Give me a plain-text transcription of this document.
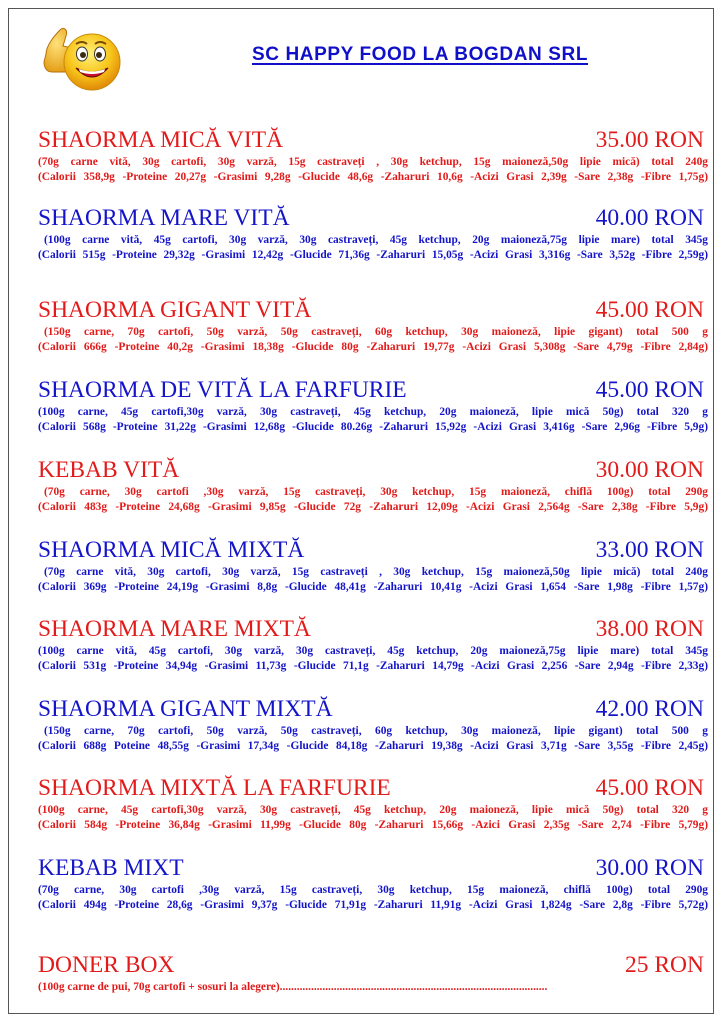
SC HAPPY FOOD LA BOGDAN SRL
SHAORMA MICĂ VITĂ	35.00 RON
(70g carne vită, 30g cartofi, 30g varză, 15g castraveți , 30g ketchup, 15g maioneză,50g lipie mică) total 240g
(Calorii 358,9g -Proteine 20,27g -Grasimi 9,28g -Glucide 48,6g -Zaharuri 10,6g -Acizi Grasi 2,39g -Sare 2,38g -Fibre 1,75g)
SHAORMA MARE VITĂ	40.00 RON
(100g carne vită, 45g cartofi, 30g varză, 30g castraveți, 45g ketchup, 20g maioneză,75g lipie mare) total 345g
(Calorii 515g -Proteine 29,32g -Grasimi 12,42g -Glucide 71,36g -Zaharuri 15,05g -Acizi Grasi 3,316g -Sare 3,52g -Fibre 2,59g)
SHAORMA GIGANT VITĂ	45.00 RON
(150g carne, 70g cartofi, 50g varză, 50g castraveți, 60g ketchup, 30g maioneză, lipie gigant) total 500 g
(Calorii 666g -Proteine 40,2g -Grasimi 18,38g -Glucide 80g -Zaharuri 19,77g -Acizi Grasi 5,308g -Sare 4,79g -Fibre 2,84g)
SHAORMA DE VITĂ LA FARFURIE	45.00 RON
(100g carne, 45g cartofi,30g varză, 30g castraveți, 45g ketchup, 20g maioneză, lipie mică 50g) total 320 g
(Calorii 568g -Proteine 31,22g -Grasimi 12,68g -Glucide 80.26g -Zaharuri 15,92g -Acizi Grasi 3,416g -Sare 2,96g -Fibre 5,9g)
KEBAB VITĂ	30.00 RON
(70g carne, 30g cartofi ,30g varză, 15g castraveți, 30g ketchup, 15g maioneză, chiflă 100g) total 290g
(Calorii 483g -Proteine 24,68g -Grasimi 9,85g -Glucide 72g -Zaharuri 12,09g -Acizi Grasi 2,564g -Sare 2,38g -Fibre 5,9g)
SHAORMA MICĂ MIXTĂ	33.00 RON
(70g carne vită, 30g cartofi, 30g varză, 15g castraveți , 30g ketchup, 15g maioneză,50g lipie mică) total 240g
(Calorii 369g -Proteine 24,19g -Grasimi 8,8g -Glucide 48,41g -Zaharuri 10,41g -Acizi Grasi 1,654 -Sare 1,98g -Fibre 1,57g)
SHAORMA MARE MIXTĂ	38.00 RON
(100g carne vită, 45g cartofi, 30g varză, 30g castraveți, 45g ketchup, 20g maioneză,75g lipie mare) total 345g
(Calorii 531g -Proteine 34,94g -Grasimi 11,73g -Glucide 71,1g -Zaharuri 14,79g -Acizi Grasi 2,256 -Sare 2,94g -Fibre 2,33g)
SHAORMA GIGANT MIXTĂ	42.00 RON
(150g carne, 70g cartofi, 50g varză, 50g castraveți, 60g ketchup, 30g maioneză, lipie gigant) total 500 g
(Calorii 688g Poteine 48,55g -Grasimi 17,34g -Glucide 84,18g -Zaharuri 19,38g -Acizi Grasi 3,71g -Sare 3,55g -Fibre 2,45g)
SHAORMA MIXTĂ LA FARFURIE	45.00 RON
(100g carne, 45g cartofi,30g varză, 30g castraveți, 45g ketchup, 20g maioneză, lipie mică 50g) total 320 g
(Calorii 584g -Proteine 36,84g -Grasimi 11,99g -Glucide 80g -Zaharuri 15,66g -Azici Grasi 2,35g -Sare 2,74 -Fibre 5,79g)
KEBAB MIXT	30.00 RON
(70g carne, 30g cartofi ,30g varză, 15g castraveți, 30g ketchup, 15g maioneză, chiflă 100g) total 290g
(Calorii 494g -Proteine 28,6g -Grasimi 9,37g -Glucide 71,91g -Zaharuri 11,91g -Acizi Grasi 1,824g -Sare 2,8g -Fibre 5,72g)
DONER BOX	25 RON
(100g carne de pui, 70g cartofi + sosuri la alegere)..............................................................................................
